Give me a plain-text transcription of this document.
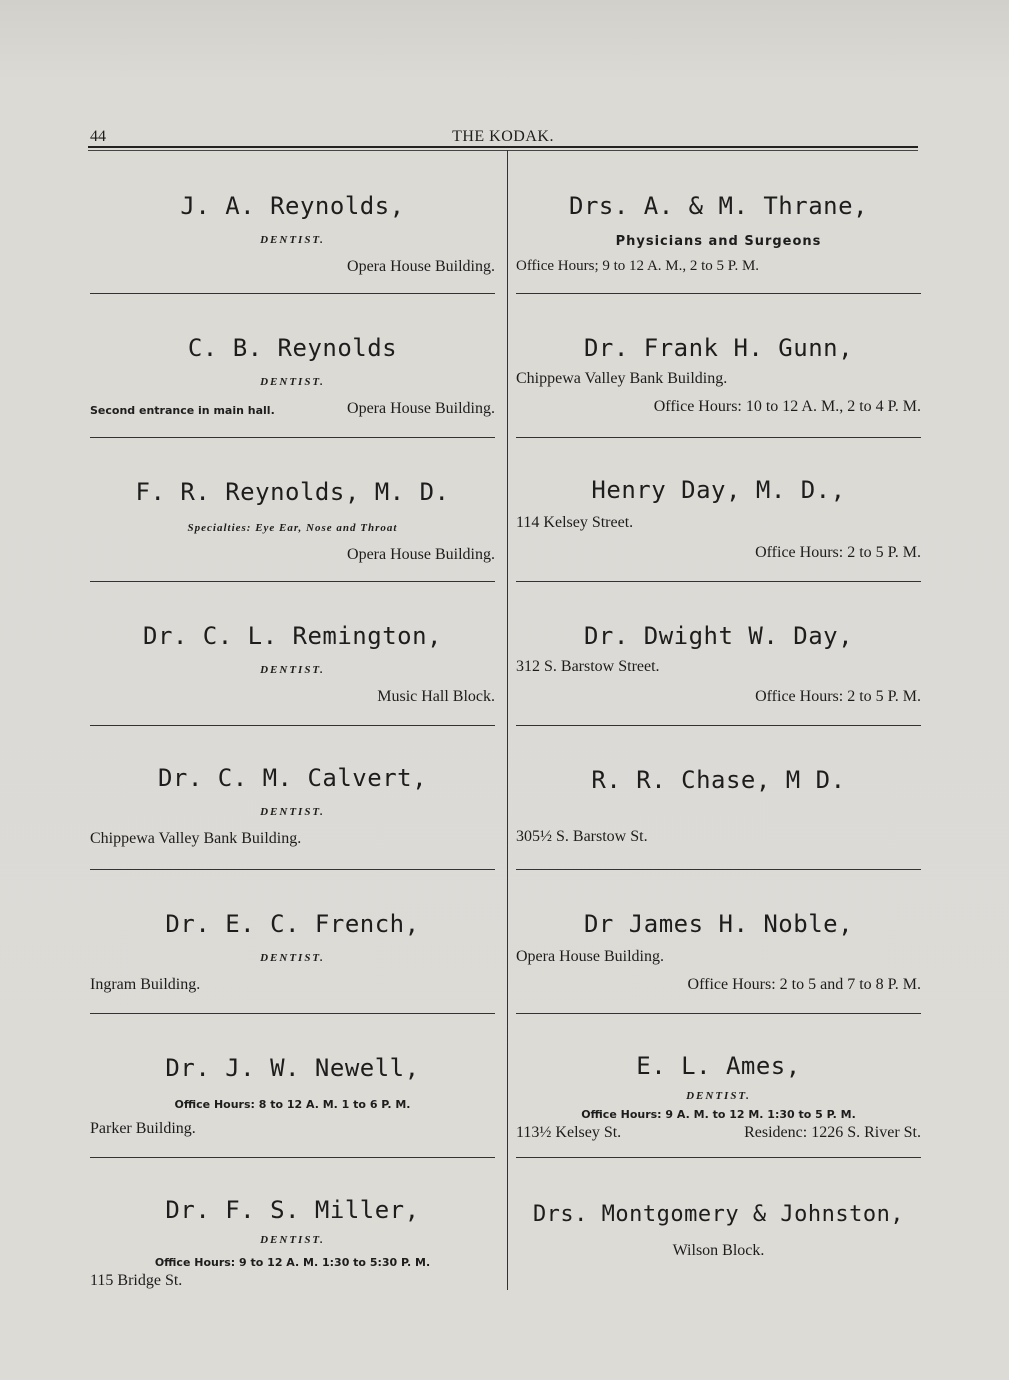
44	THE KODAK.
J. A. Reynolds,
DENTIST.
Opera House Building.
C. B. Reynolds
DENTIST.
Second entrance in main hall.	Opera House Building.
F. R. Reynolds, M. D.
Specialties: Eye Ear, Nose and Throat
Opera House Building.
Dr. C. L. Remington,
DENTIST.
Music Hall Block.
Dr. C. M. Calvert,
DENTIST.
Chippewa Valley Bank Building.
Dr. E. C. French,
DENTIST.
Ingram Building.
Dr. J. W. Newell,
Office Hours: 8 to 12 A. M. 1 to 6 P. M.
Parker Building.
Dr. F. S. Miller,
DENTIST.
Office Hours: 9 to 12 A. M. 1:30 to 5:30 P. M.
115 Bridge St.
Drs. A. & M. Thrane,
Physicians and Surgeons
Office Hours; 9 to 12 A. M., 2 to 5 P. M.
Dr. Frank H. Gunn,
Chippewa Valley Bank Building.
Office Hours: 10 to 12 A. M., 2 to 4 P. M.
Henry Day, M. D.,
114 Kelsey Street.
Office Hours: 2 to 5 P. M.
Dr. Dwight W. Day,
312 S. Barstow Street.
Office Hours: 2 to 5 P. M.
R. R. Chase, M D.
305½ S. Barstow St.
Dr James H. Noble,
Opera House Building.
Office Hours: 2 to 5 and 7 to 8 P. M.
E. L. Ames,
DENTIST.
Office Hours: 9 A. M. to 12 M. 1:30 to 5 P. M.
113½ Kelsey St.	Residenc: 1226 S. River St.
Drs. Montgomery & Johnston,
Wilson Block.
